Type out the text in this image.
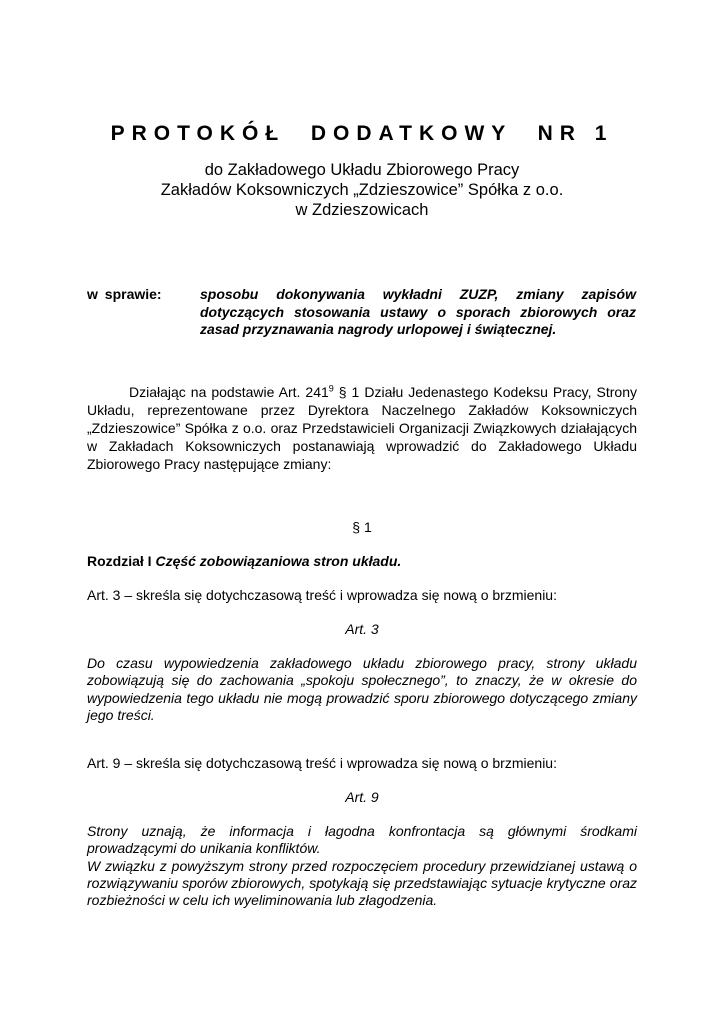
PROTOKÓŁ  DODATKOWY  NR 1
do Zakładowego Układu Zbiorowego Pracy
Zakładów Koksowniczych „Zdzieszowice” Spółka z o.o.
w Zdzieszowicach
w sprawie:	sposobu dokonywania wykładni ZUZP, zmiany zapisów dotyczących stosowania ustawy o sporach zbiorowych oraz zasad przyznawania nagrody urlopowej i świątecznej.
Działając na podstawie Art. $241^9$ § 1 Działu Jedenastego Kodeksu Pracy, Strony Układu, reprezentowane przez Dyrektora Naczelnego Zakładów Koksowniczych „Zdzieszowice” Spółka z o.o. oraz Przedstawicieli Organizacji Związkowych działających w Zakładach Koksowniczych postanawiają wprowadzić do Zakładowego Układu Zbiorowego Pracy następujące zmiany:
§ 1
Rozdział I Część zobowiązaniowa stron układu.
Art. 3 – skreśla się dotychczasową treść i wprowadza się nową o brzmieniu:
Art. 3

Do czasu wypowiedzenia zakładowego układu zbiorowego pracy, strony układu zobowiązują się do zachowania „spokoju społecznego”, to znaczy, że w okresie do wypowiedzenia tego układu nie mogą prowadzić sporu zbiorowego dotyczącego zmiany jego treści.

Art. 9 – skreśla się dotychczasową treść i wprowadza się nową o brzmieniu:
Art. 9

Strony uznają, że informacja i łagodna konfrontacja są głównymi środkami prowadzącymi do unikania konfliktów.

W związku z powyższym strony przed rozpoczęciem procedury przewidzianej ustawą o rozwiązywaniu sporów zbiorowych, spotykają się przedstawiając sytuacje krytyczne oraz rozbieżności w celu ich wyeliminowania lub złagodzenia.
